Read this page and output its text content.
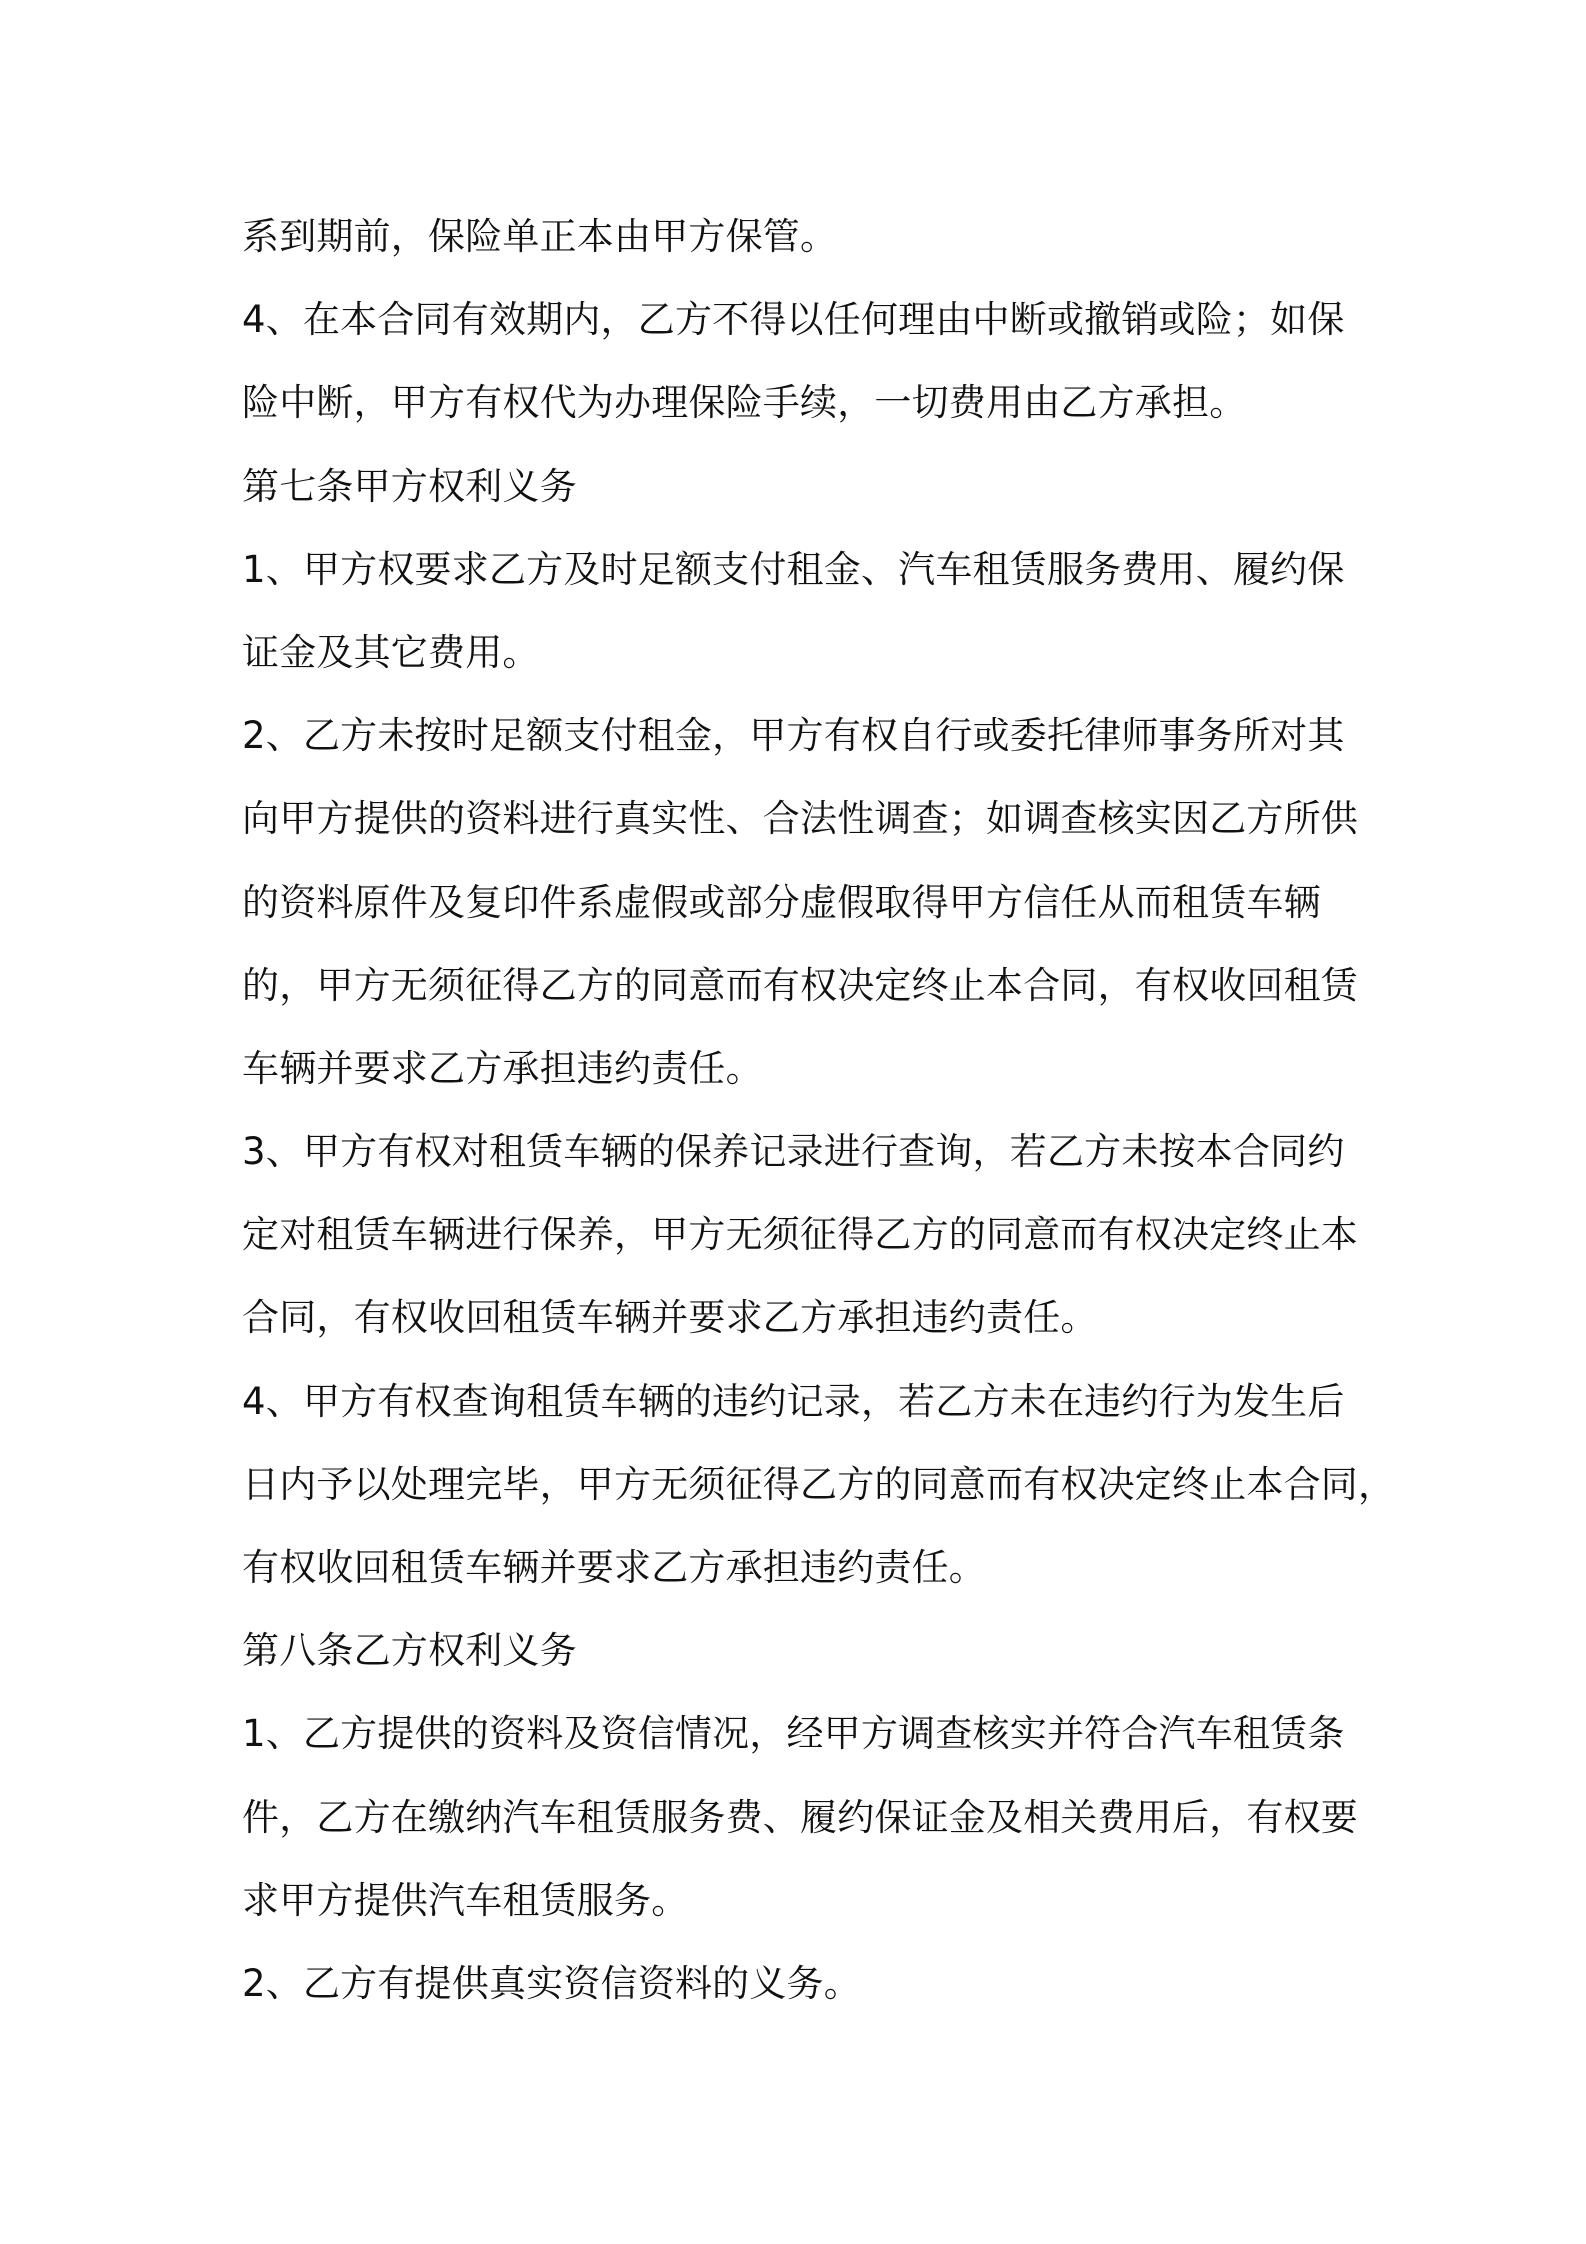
系到期前，保险单正本由甲方保管。

4、在本合同有效期内，乙方不得以任何理由中断或撤销或险；如保

险中断，甲方有权代为办理保险手续，一切费用由乙方承担。

第七条甲方权利义务

1、甲方权要求乙方及时足额支付租金、汽车租赁服务费用、履约保

证金及其它费用。

2、乙方未按时足额支付租金，甲方有权自行或委托律师事务所对其

向甲方提供的资料进行真实性、合法性调查；如调查核实因乙方所供

的资料原件及复印件系虚假或部分虚假取得甲方信任从而租赁车辆

的，甲方无须征得乙方的同意而有权决定终止本合同，有权收回租赁

车辆并要求乙方承担违约责任。

3、甲方有权对租赁车辆的保养记录进行查询，若乙方未按本合同约

定对租赁车辆进行保养，甲方无须征得乙方的同意而有权决定终止本

合同，有权收回租赁车辆并要求乙方承担违约责任。

4、甲方有权查询租赁车辆的违约记录，若乙方未在违约行为发生后

日内予以处理完毕，甲方无须征得乙方的同意而有权决定终止本合同，

有权收回租赁车辆并要求乙方承担违约责任。

第八条乙方权利义务

1、乙方提供的资料及资信情况，经甲方调查核实并符合汽车租赁条

件，乙方在缴纳汽车租赁服务费、履约保证金及相关费用后，有权要

求甲方提供汽车租赁服务。

2、乙方有提供真实资信资料的义务。
